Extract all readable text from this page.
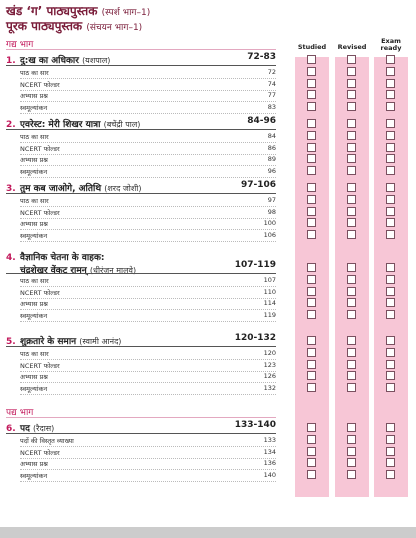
खंड ‘ग’ पाठ्यपुस्तक (स्पर्श भाग–1)
पूरक पाठ्यपुस्तक (संचयन भाग–1)
Studied	Revised
Exam ready
गद्य भाग
1. दु:ख का अधिकार (यशपाल)	72-83
पाठ का सार	72
NCERT फोल्डर	74
अभ्यास प्रश्न	77
स्वमूल्यांकन	83
2. एवरेस्ट: मेरी शिखर यात्रा (बचेंद्री पाल)	84-96
पाठ का सार	84
NCERT फोल्डर	86
अभ्यास प्रश्न	89
स्वमूल्यांकन	96
3. तुम कब जाओगे, अतिथि (शरद जोशी)	97-106
पाठ का सार	97
NCERT फोल्डर	98
अभ्यास प्रश्न	100
स्वमूल्यांकन	106
4. वैज्ञानिक चेतना के वाहक:
चंद्रशेखर वेंकट रामन् (धीरंजन मालवे)
107-119
पाठ का सार	107
NCERT फोल्डर	110
अभ्यास प्रश्न	114
स्वमूल्यांकन	119
5. शुक्रतारे के समान (स्वामी आनंद)	120-132
पाठ का सार	120
NCERT फोल्डर	123
अभ्यास प्रश्न	126
स्वमूल्यांकन	132
पद्य भाग
6. पद (रैदास)	133-140
पदों की विस्तृत व्याख्या	133
NCERT फोल्डर	134
अभ्यास प्रश्न	136
स्वमूल्यांकन	140
